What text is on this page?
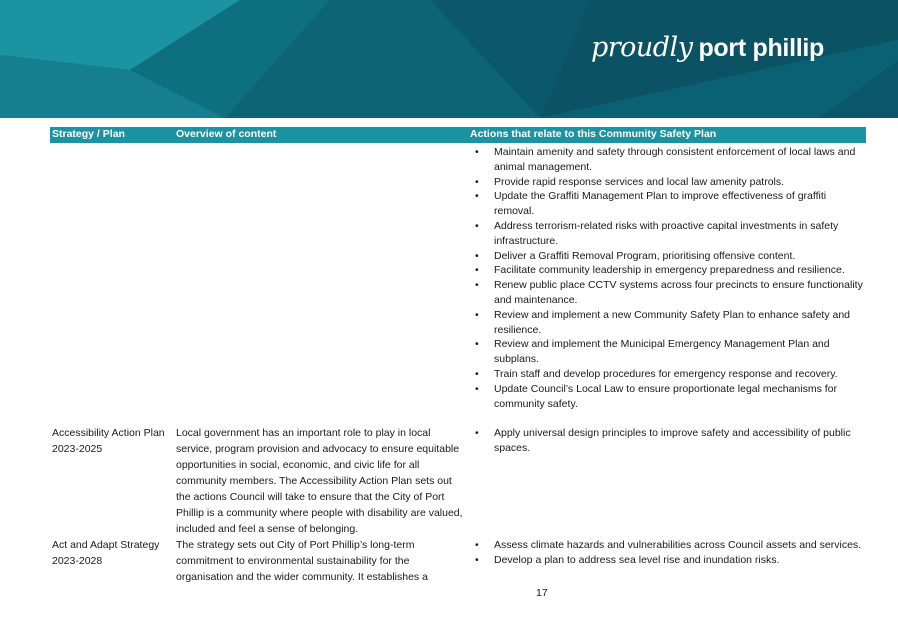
proudly port phillip
Strategy / Plan	Overview of content	Actions that relate to this Community Safety Plan
• Maintain amenity and safety through consistent enforcement of local laws and animal management.
• Provide rapid response services and local law amenity patrols.
• Update the Graffiti Management Plan to improve effectiveness of graffiti removal.
• Address terrorism-related risks with proactive capital investments in safety infrastructure.
• Deliver a Graffiti Removal Program, prioritising offensive content.
• Facilitate community leadership in emergency preparedness and resilience.
• Renew public place CCTV systems across four precincts to ensure functionality and maintenance.
• Review and implement a new Community Safety Plan to enhance safety and resilience.
• Review and implement the Municipal Emergency Management Plan and subplans.
• Train staff and develop procedures for emergency response and recovery.
• Update Council’s Local Law to ensure proportionate legal mechanisms for community safety.
Accessibility Action Plan 2023-2025
Local government has an important role to play in local service, program provision and advocacy to ensure equitable opportunities in social, economic, and civic life for all community members. The Accessibility Action Plan sets out the actions Council will take to ensure that the City of Port Phillip is a community where people with disability are valued, included and feel a sense of belonging.
• Apply universal design principles to improve safety and accessibility of public spaces.
Act and Adapt Strategy 2023-2028
The strategy sets out City of Port Phillip’s long-term commitment to environmental sustainability for the organisation and the wider community. It establishes a
• Assess climate hazards and vulnerabilities across Council assets and services.
• Develop a plan to address sea level rise and inundation risks.
17
